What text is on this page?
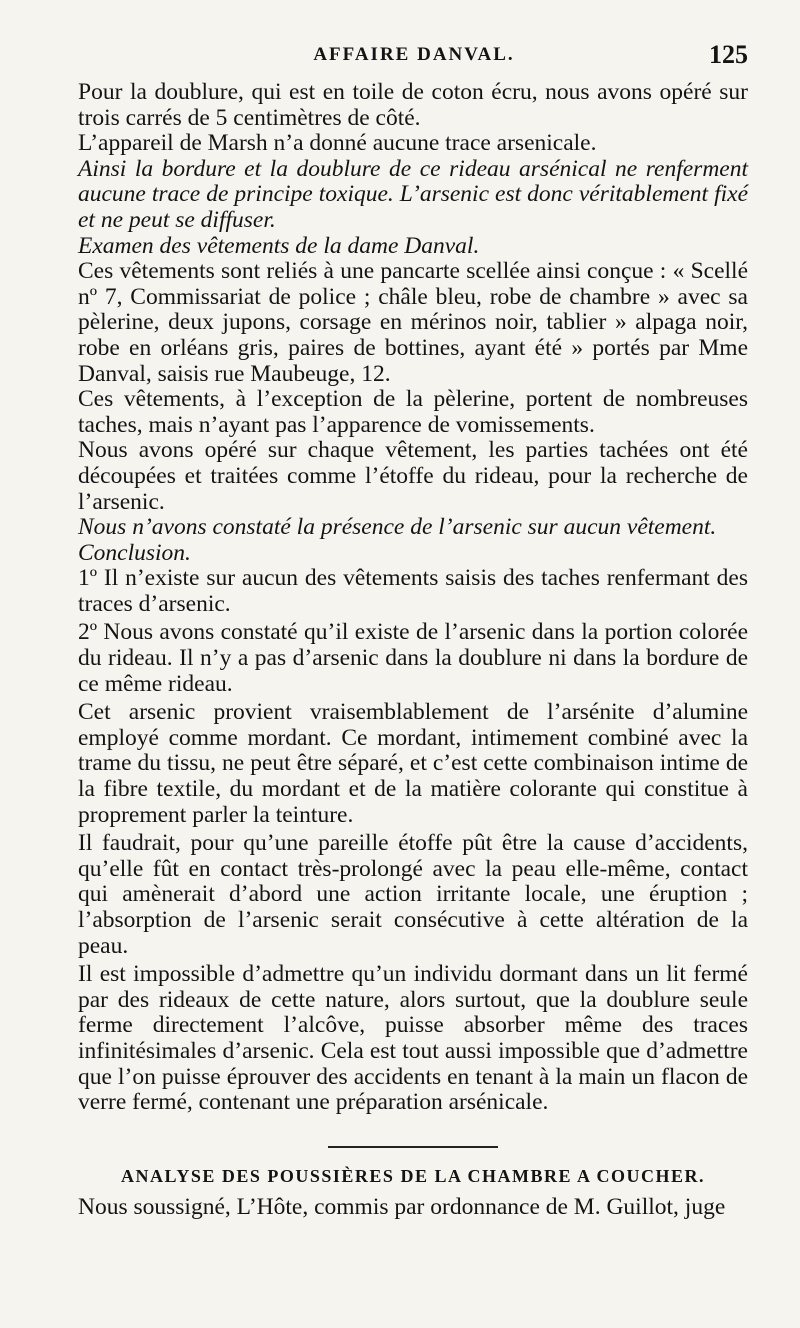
AFFAIRE DANVAL.	125

Pour la doublure, qui est en toile de coton écru, nous avons opéré sur trois carrés de 5 centimètres de côté.

L’appareil de Marsh n’a donné aucune trace arsenicale.

Ainsi la bordure et la doublure de ce rideau arsénical ne renferment aucune trace de principe toxique. L’arsenic est donc véritablement fixé et ne peut se diffuser.

Examen des vêtements de la dame Danval.

Ces vêtements sont reliés à une pancarte scellée ainsi conçue : « Scellé nº 7, Commissariat de police ; châle bleu, robe de chambre » avec sa pèlerine, deux jupons, corsage en mérinos noir, tablier » alpaga noir, robe en orléans gris, paires de bottines, ayant été » portés par Mme Danval, saisis rue Maubeuge, 12.

Ces vêtements, à l’exception de la pèlerine, portent de nombreuses taches, mais n’ayant pas l’apparence de vomissements.

Nous avons opéré sur chaque vêtement, les parties tachées ont été découpées et traitées comme l’étoffe du rideau, pour la recherche de l’arsenic.

Nous n’avons constaté la présence de l’arsenic sur aucun vêtement.

Conclusion.

1º Il n’existe sur aucun des vêtements saisis des taches renfermant des traces d’arsenic.

2º Nous avons constaté qu’il existe de l’arsenic dans la portion colorée du rideau. Il n’y a pas d’arsenic dans la doublure ni dans la bordure de ce même rideau.

Cet arsenic provient vraisemblablement de l’arsénite d’alumine employé comme mordant. Ce mordant, intimement combiné avec la trame du tissu, ne peut être séparé, et c’est cette combinaison intime de la fibre textile, du mordant et de la matière colorante qui constitue à proprement parler la teinture.

Il faudrait, pour qu’une pareille étoffe pût être la cause d’accidents, qu’elle fût en contact très-prolongé avec la peau elle-même, contact qui amènerait d’abord une action irritante locale, une éruption ; l’absorption de l’arsenic serait consécutive à cette altération de la peau.

Il est impossible d’admettre qu’un individu dormant dans un lit fermé par des rideaux de cette nature, alors surtout, que la doublure seule ferme directement l’alcôve, puisse absorber même des traces infinitésimales d’arsenic. Cela est tout aussi impossible que d’admettre que l’on puisse éprouver des accidents en tenant à la main un flacon de verre fermé, contenant une préparation arsénicale.

ANALYSE DES POUSSIÈRES DE LA CHAMBRE A COUCHER.

Nous soussigné, L’Hôte, commis par ordonnance de M. Guillot, juge
